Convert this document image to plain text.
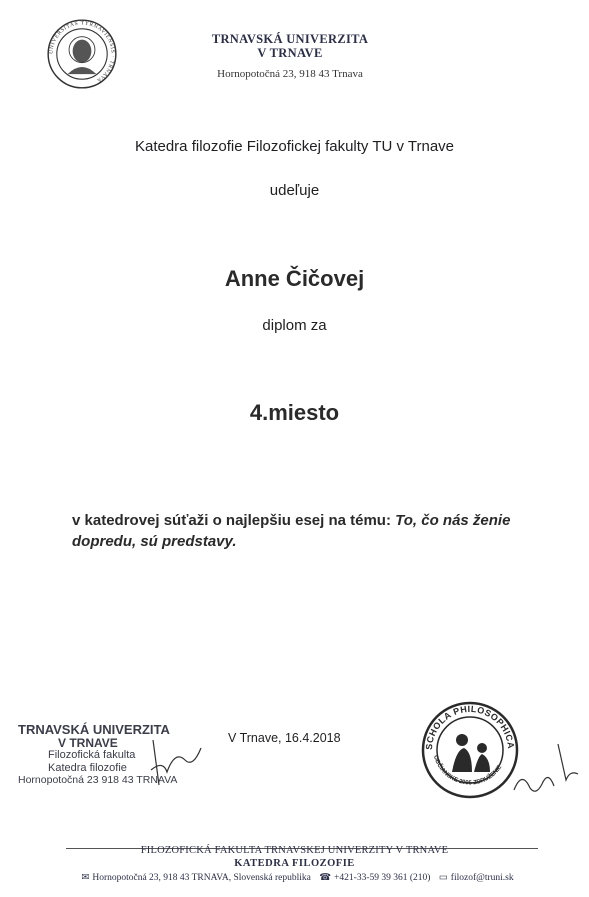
UNIVERSITAS TYRNAVIENSIS · TRNAVA
TRNAVSKÁ UNIVERZITA
V TRNAVE
Hornopotočná 23, 918 43 Trnava
Katedra filozofie Filozofickej fakulty TU v Trnave
udeľuje
Anne Čičovej
diplom za
4.miesto
v katedrovej súťaži o najlepšiu esej na tému: To, čo nás ženie dopredu, sú predstavy.
TRNAVSKÁ UNIVERZITA
V TRNAVE
Filozofická fakulta
Katedra filozofie
Hornopotočná 23 918 43 TRNAVA
V Trnave, 16.4.2018
SCHOLA PHILOSOPHICA
OBČIANSKE 2005 ZDRUŽENIE
FILOZOFICKÁ FAKULTA TRNAVSKEJ UNIVERZITY V TRNAVE
KATEDRA FILOZOFIE
✉ Hornopotočná 23, 918 43 TRNAVA, Slovenská republika ☎ +421-33-59 39 361 (210) ▭ filozof@truni.sk
